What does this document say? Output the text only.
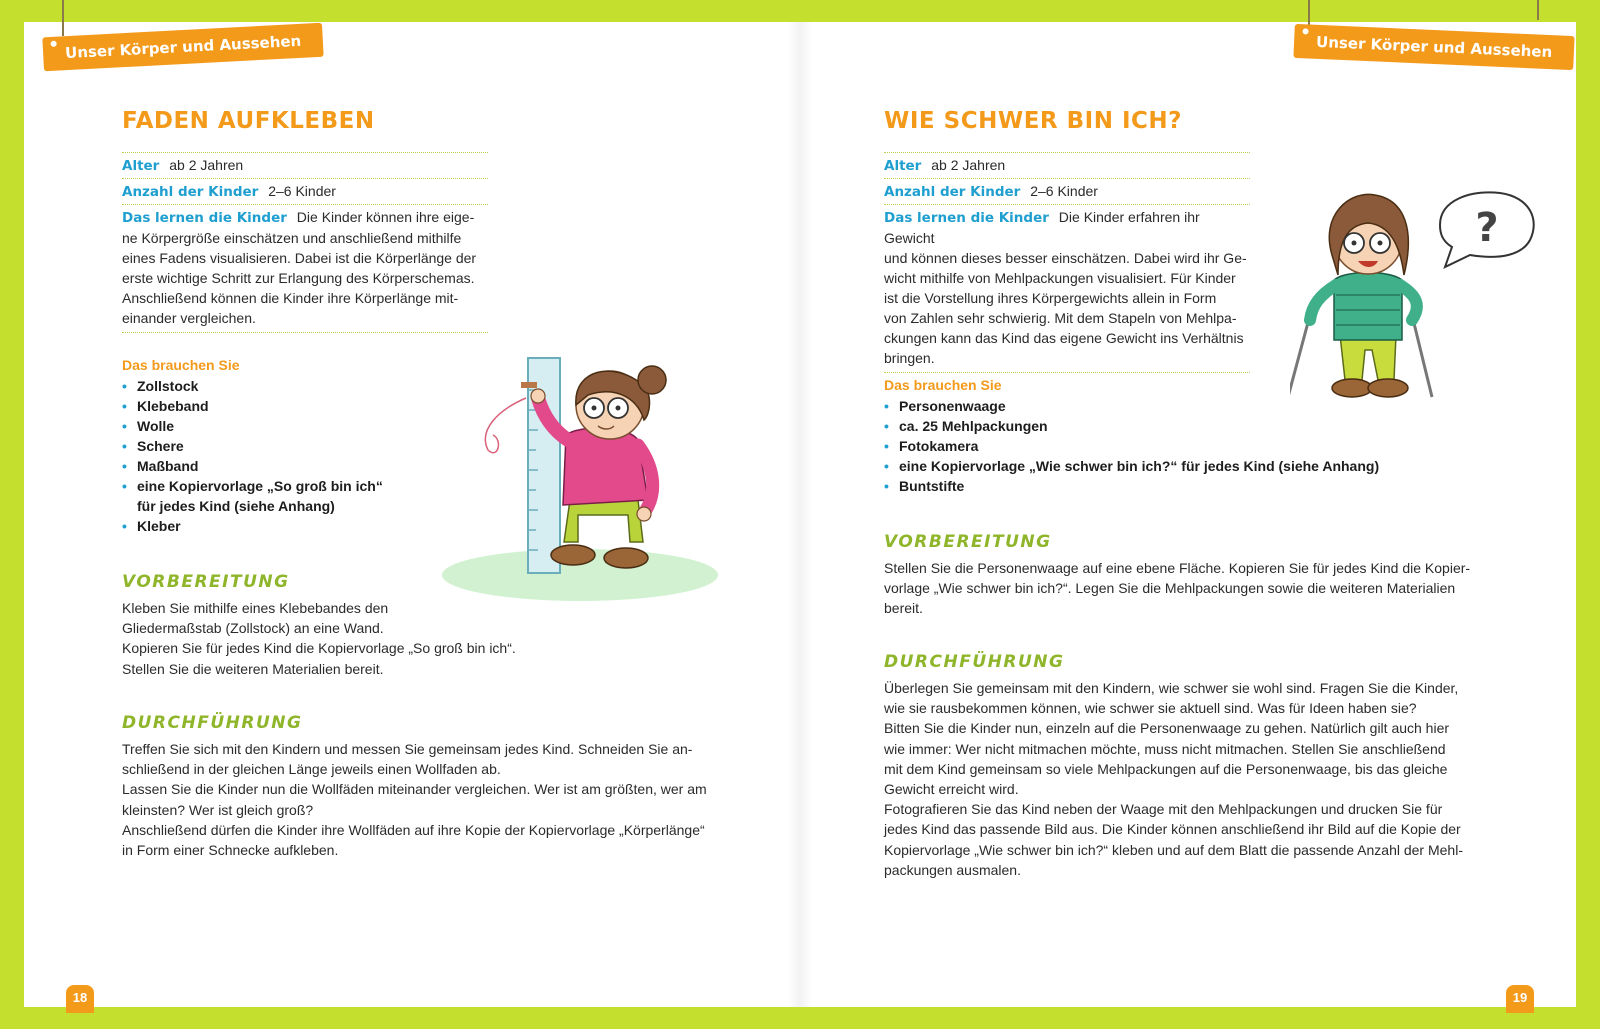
Unser Körper und Aussehen	Unser Körper und Aussehen
FADEN AUFKLEBEN
Alter ab 2 Jahren
Anzahl der Kinder 2–6 Kinder
Das lernen die Kinder Die Kinder können ihre eige-
ne Körpergröße einschätzen und anschließend mithilfe
eines Fadens visualisieren. Dabei ist die Körperlänge der
erste wichtige Schritt zur Erlangung des Körperschemas.
Anschließend können die Kinder ihre Körperlänge mit-
einander vergleichen.
Das brauchen Sie
• Zollstock
• Klebeband
• Wolle
• Schere
• Maßband
• eine Kopiervorlage „So groß bin ich“
für jedes Kind (siehe Anhang)
• Kleber
VORBEREITUNG

Kleben Sie mithilfe eines Klebebandes den

Gliedermaßstab (Zollstock) an eine Wand.

Kopieren Sie für jedes Kind die Kopiervorlage „So groß bin ich“.

Stellen Sie die weiteren Materialien bereit.

DURCHFÜHRUNG

Treffen Sie sich mit den Kindern und messen Sie gemeinsam jedes Kind. Schneiden Sie an-

schließend in der gleichen Länge jeweils einen Wollfaden ab.

Lassen Sie die Kinder nun die Wollfäden miteinander vergleichen. Wer ist am größten, wer am

kleinsten? Wer ist gleich groß?

Anschließend dürfen die Kinder ihre Wollfäden auf ihre Kopie der Kopiervorlage „Körperlänge“

in Form einer Schnecke aufkleben.

WIE SCHWER BIN ICH?
Alter ab 2 Jahren
Anzahl der Kinder 2–6 Kinder
Das lernen die Kinder Die Kinder erfahren ihr Gewicht
und können dieses besser einschätzen. Dabei wird ihr Ge-
wicht mithilfe von Mehlpackungen visualisiert. Für Kinder
ist die Vorstellung ihres Körpergewichts allein in Form
von Zahlen sehr schwierig. Mit dem Stapeln von Mehlpa-
ckungen kann das Kind das eigene Gewicht ins Verhältnis
bringen.
Das brauchen Sie
• Personenwaage
• ca. 25 Mehlpackungen
• Fotokamera
• eine Kopiervorlage „Wie schwer bin ich?“ für jedes Kind (siehe Anhang)
• Buntstifte
VORBEREITUNG

Stellen Sie die Personenwaage auf eine ebene Fläche. Kopieren Sie für jedes Kind die Kopier-

vorlage „Wie schwer bin ich?“. Legen Sie die Mehlpackungen sowie die weiteren Materialien

bereit.

DURCHFÜHRUNG

Überlegen Sie gemeinsam mit den Kindern, wie schwer sie wohl sind. Fragen Sie die Kinder,

wie sie rausbekommen können, wie schwer sie aktuell sind. Was für Ideen haben sie?

Bitten Sie die Kinder nun, einzeln auf die Personenwaage zu gehen. Natürlich gilt auch hier

wie immer: Wer nicht mitmachen möchte, muss nicht mitmachen. Stellen Sie anschließend

mit dem Kind gemeinsam so viele Mehlpackungen auf die Personenwaage, bis das gleiche

Gewicht erreicht wird.

Fotografieren Sie das Kind neben der Waage mit den Mehlpackungen und drucken Sie für

jedes Kind das passende Bild aus. Die Kinder können anschließend ihr Bild auf die Kopie der

Kopiervorlage „Wie schwer bin ich?“ kleben und auf dem Blatt die passende Anzahl der Mehl-

packungen ausmalen.

?
18	19
